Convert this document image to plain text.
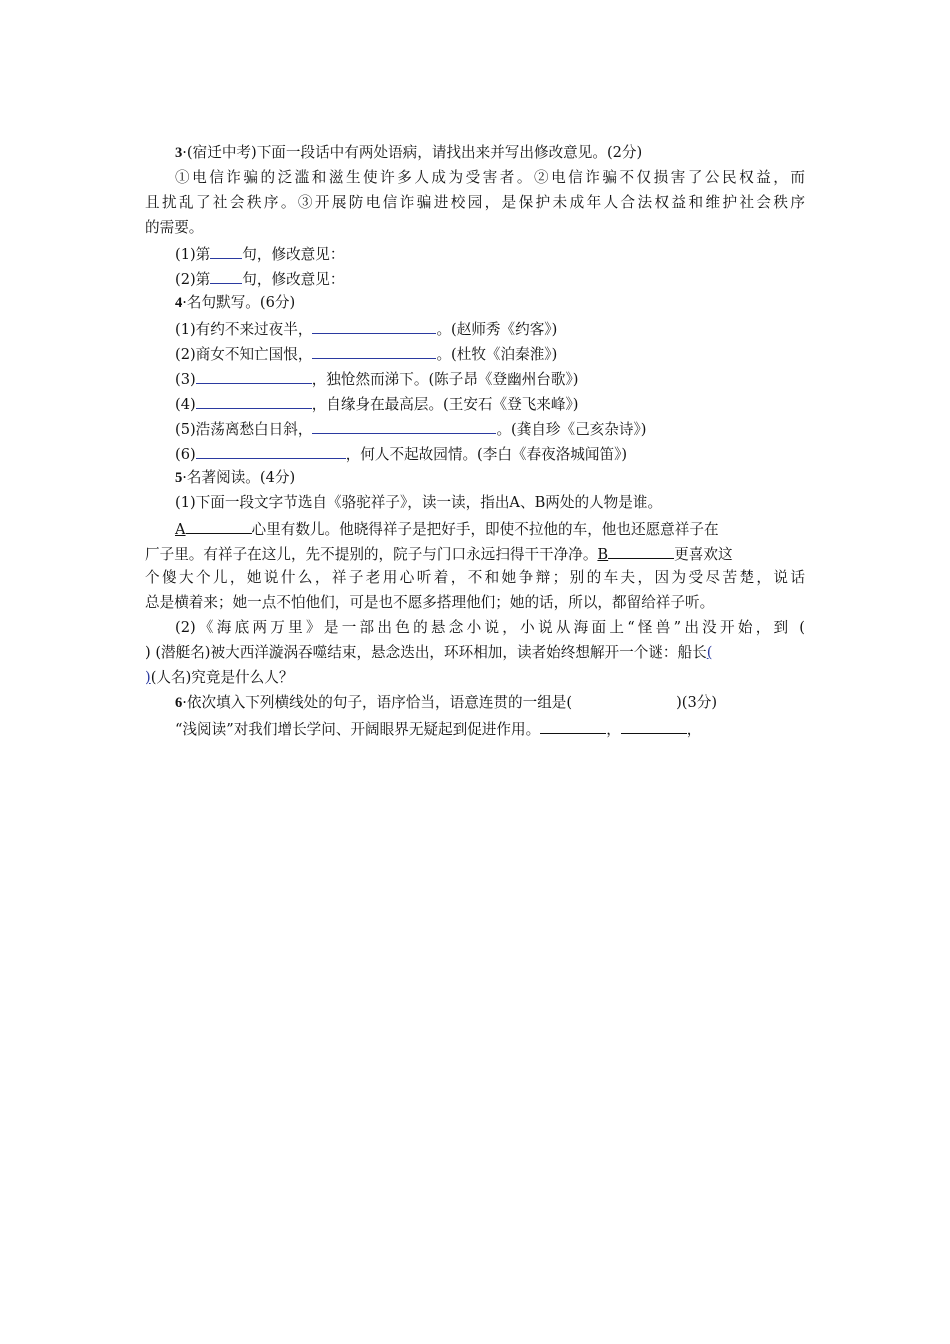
3·(宿迁中考)下面一段话中有两处语病，请找出来并写出修改意见。(2分)
①电信诈骗的泛滥和滋生使许多人成为受害者。②电信诈骗不仅损害了公民权益，而
且扰乱了社会秩序。③开展防电信诈骗进校园，是保护未成年人合法权益和维护社会秩序
的需要。
(1)第 句，修改意见：
(2)第 句，修改意见：
4·名句默写。(6分)
(1)有约不来过夜半，	。(赵师秀《约客》)
(2)商女不知亡国恨，	。(杜牧《泊秦淮》)
(3)	，独怆然而涕下。(陈子昂《登幽州台歌》)
(4)	，自缘身在最高层。(王安石《登飞来峰》)
(5)浩荡离愁白日斜，	。(龚自珍《己亥杂诗》)
(6)	，何人不起故园情。(李白《春夜洛城闻笛》)
5·名著阅读。(4分)
(1)下面一段文字节选自《骆驼祥子》，读一读，指出A、B两处的人物是谁。
A	心里有数儿。他晓得祥子是把好手，即使不拉他的车，他也还愿意祥子在
厂子里。有祥子在这儿，先不提别的，院子与门口永远扫得干干净净。B	更喜欢这
个傻大个儿，她说什么，祥子老用心听着，不和她争辩；别的车夫，因为受尽苦楚，说话
总是横着来；她一点不怕他们，可是也不愿多搭理他们；她的话，所以，都留给祥子听。
(2)《海底两万里》是一部出色的悬念小说，小说从海面上“怪兽”出没开始，到 (
) (潜艇名)被大西洋漩涡吞噬结束，悬念迭出，环环相加，读者始终想解开一个谜：船长(
)(人名)究竟是什么人？
6·依次填入下列横线处的句子，语序恰当，语意连贯的一组是(	)(3分)
“浅阅读”对我们增长学问、开阔眼界无疑起到促进作用。	，	，
